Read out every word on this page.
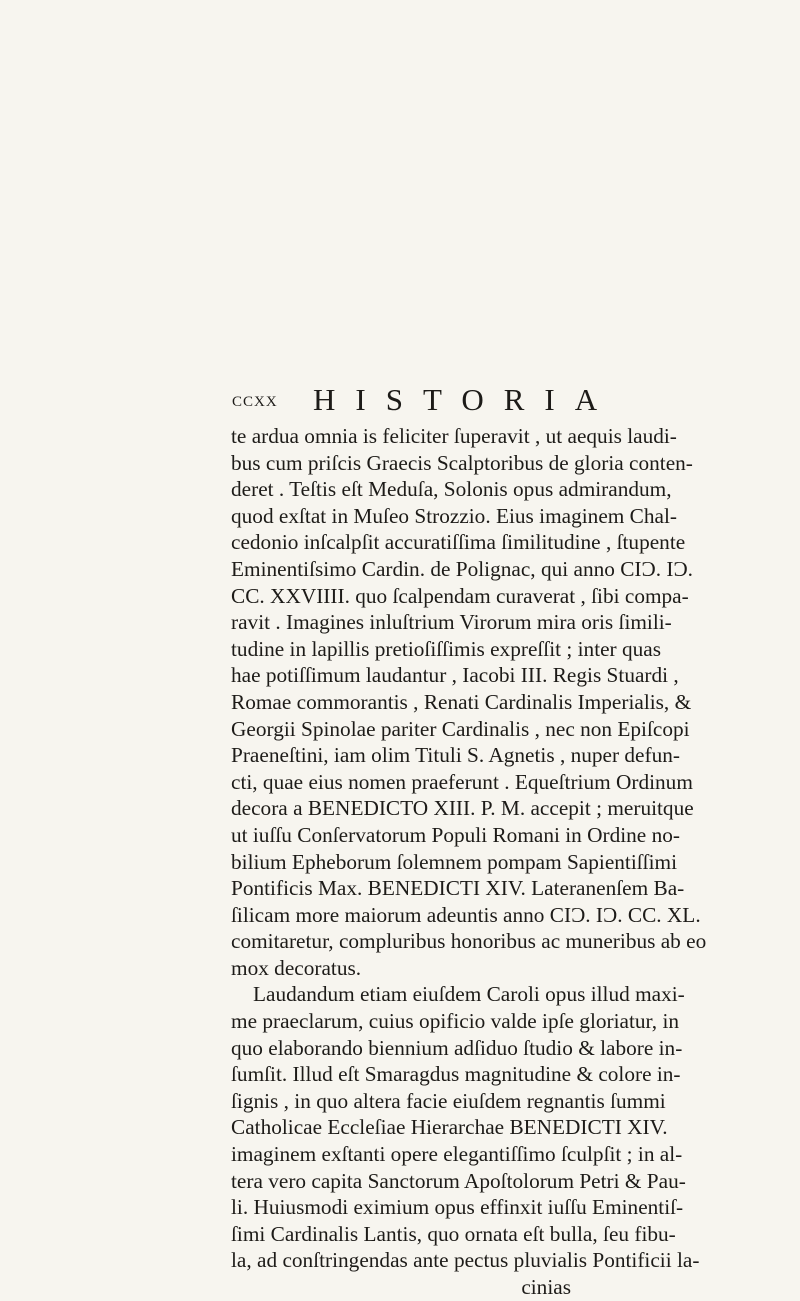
CCXX HISTORIA
te ardua omnia is feliciter ſuperavit , ut aequis laudi-
bus cum priſcis Graecis Scalptoribus de gloria conten-
deret . Teſtis eſt Meduſa, Solonis opus admirandum,
quod exſtat in Muſeo Strozzio. Eius imaginem Chal-
cedonio inſcalpſit accuratiſſima ſimilitudine , ſtupente
Eminentiſsimo Cardin. de Polignac, qui anno CIƆ. IƆ.
CC. XXVIIII. quo ſcalpendam curaverat , ſibi compa-
ravit . Imagines inluſtrium Virorum mira oris ſimili-
tudine in lapillis pretioſiſſimis expreſſit ; inter quas
hae potiſſimum laudantur , Iacobi III. Regis Stuardi ,
Romae commorantis , Renati Cardinalis Imperialis, &
Georgii Spinolae pariter Cardinalis , nec non Epiſcopi
Praeneſtini, iam olim Tituli S. Agnetis , nuper defun-
cti, quae eius nomen praeferunt . Equeſtrium Ordinum
decora a BENEDICTO XIII. P. M. accepit ; meruitque
ut iuſſu Conſervatorum Populi Romani in Ordine no-
bilium Epheborum ſolemnem pompam Sapientiſſimi
Pontificis Max. BENEDICTI XIV. Lateranenſem Ba-
ſilicam more maiorum adeuntis anno CIƆ. IƆ. CC. XL.
comitaretur, compluribus honoribus ac muneribus ab eo
mox decoratus.
Laudandum etiam eiuſdem Caroli opus illud maxi-
me praeclarum, cuius opificio valde ipſe gloriatur, in
quo elaborando biennium adſiduo ſtudio & labore in-
ſumſit. Illud eſt Smaragdus magnitudine & colore in-
ſignis , in quo altera facie eiuſdem regnantis ſummi
Catholicae Eccleſiae Hierarchae BENEDICTI XIV.
imaginem exſtanti opere elegantiſſimo ſculpſit ; in al-
tera vero capita Sanctorum Apoſtolorum Petri & Pau-
li. Huiusmodi eximium opus effinxit iuſſu Eminentiſ-
ſimi Cardinalis Lantis, quo ornata eſt bulla, ſeu fibu-
la, ad conſtringendas ante pectus pluvialis Pontificii la-
cinias
